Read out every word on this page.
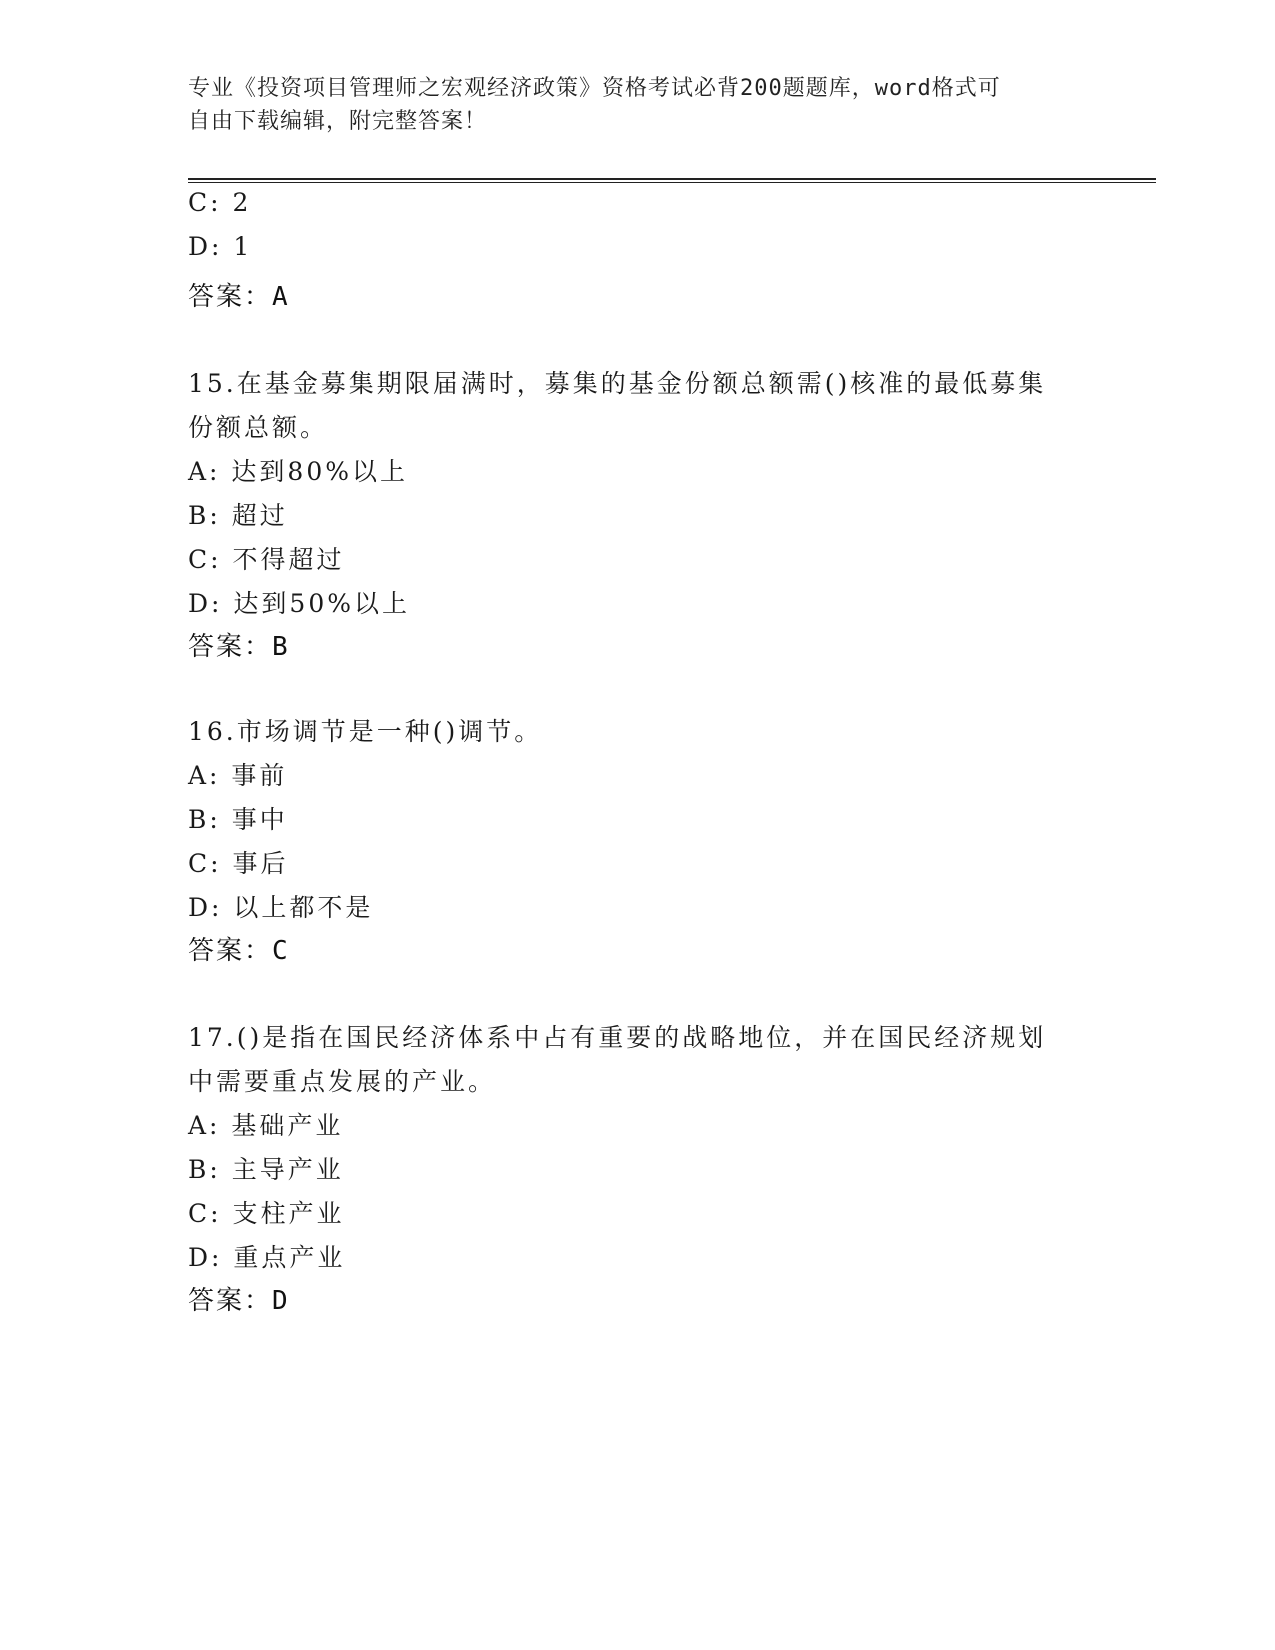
专业《投资项目管理师之宏观经济政策》资格考试必背200题题库，word格式可
自由下载编辑，附完整答案！
C: 2
D: 1
答案：A
15.在基金募集期限届满时，募集的基金份额总额需()核准的最低募集
份额总额。
A: 达到80%以上
B: 超过
C: 不得超过
D: 达到50%以上
答案：B
16.市场调节是一种()调节。
A: 事前
B: 事中
C: 事后
D: 以上都不是
答案：C
17.()是指在国民经济体系中占有重要的战略地位，并在国民经济规划
中需要重点发展的产业。
A: 基础产业
B: 主导产业
C: 支柱产业
D: 重点产业
答案：D
